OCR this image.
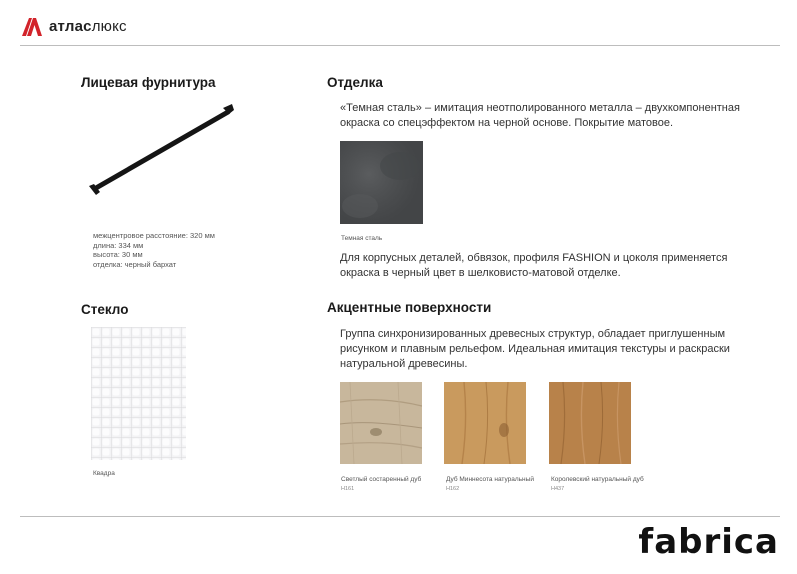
атласлюкс
Лицевая фурнитура
межцентровое расстояние: 320 мм
длина: 334 мм
высота: 30 мм
отделка: черный бархат
Отделка
«Темная сталь» – имитация неотполированного металла – двухкомпонентная окраска со спецэффектом на черной основе. Покрытие матовое.
Темная сталь
Для корпусных деталей, обвязок, профиля FASHION и цоколя применяется окраска в черный цвет в шелковисто-матовой отделке.
Стекло
Квадра
Акцентные поверхности
Группа синхронизированных древесных структур, обладает приглушенным рисунком и плавным рельефом. Идеальная имитация текстуры и раскраски натуральной древесины.
Светлый состаренный дуб
Н161
Дуб Миннесота натуральный
Н162
Королевский натуральный дуб
Н437
fabrica
